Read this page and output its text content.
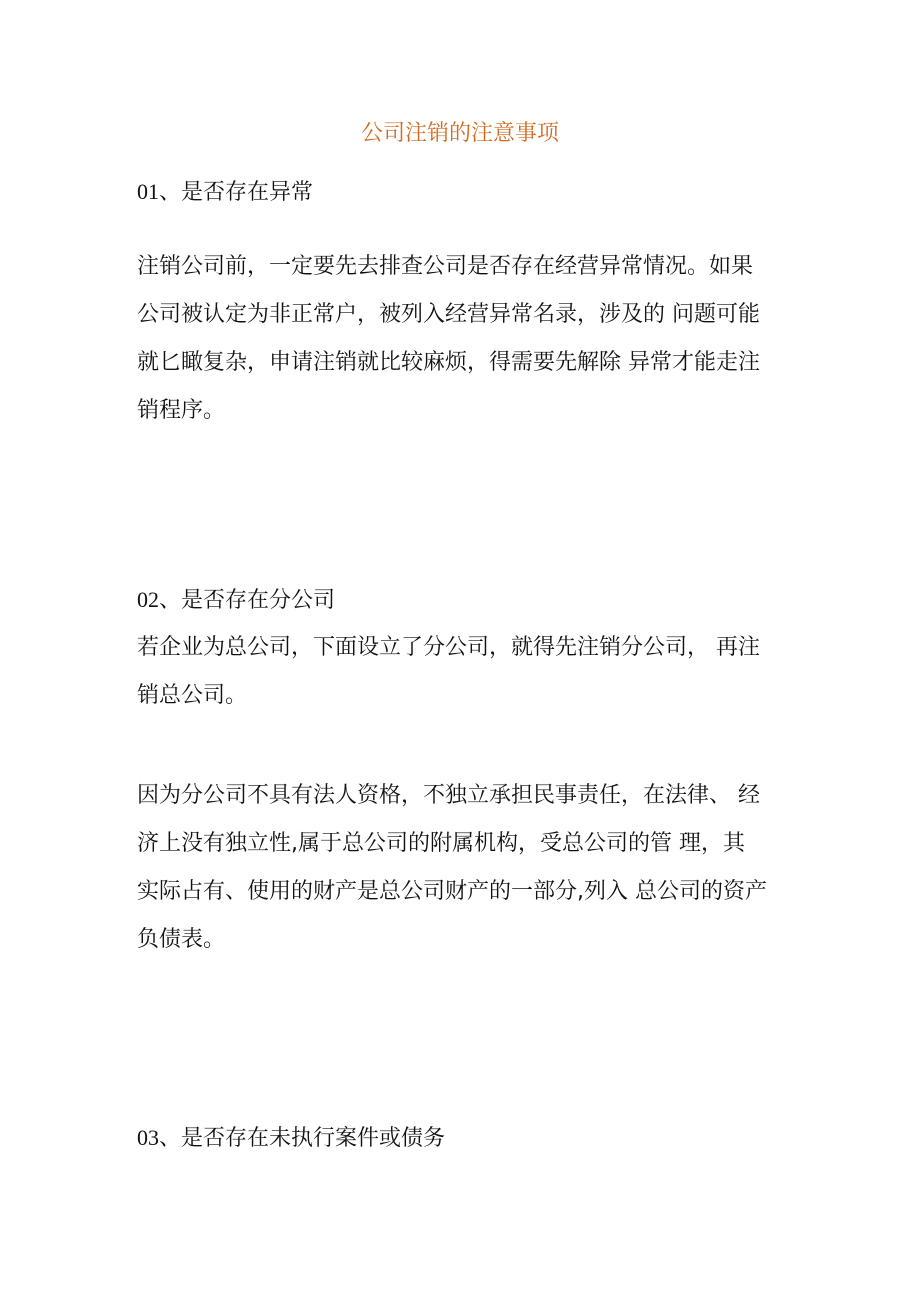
公司注销的注意事项
01、是否存在异常
注销公司前，一定要先去排查公司是否存在经营异常情况。如果
公司被认定为非正常户，被列入经营异常名录，涉及的 问题可能
就匕瞰复杂，申请注销就比较麻烦，得需要先解除 异常才能走注
销程序。
02、是否存在分公司
若企业为总公司，下面设立了分公司，就得先注销分公司， 再注
销总公司。
因为分公司不具有法人资格，不独立承担民事责任，在法律、 经
济上没有独立性,属于总公司的附属机构，受总公司的管 理，其
实际占有、使用的财产是总公司财产的一部分,列入 总公司的资产
负债表。
03、是否存在未执行案件或债务
